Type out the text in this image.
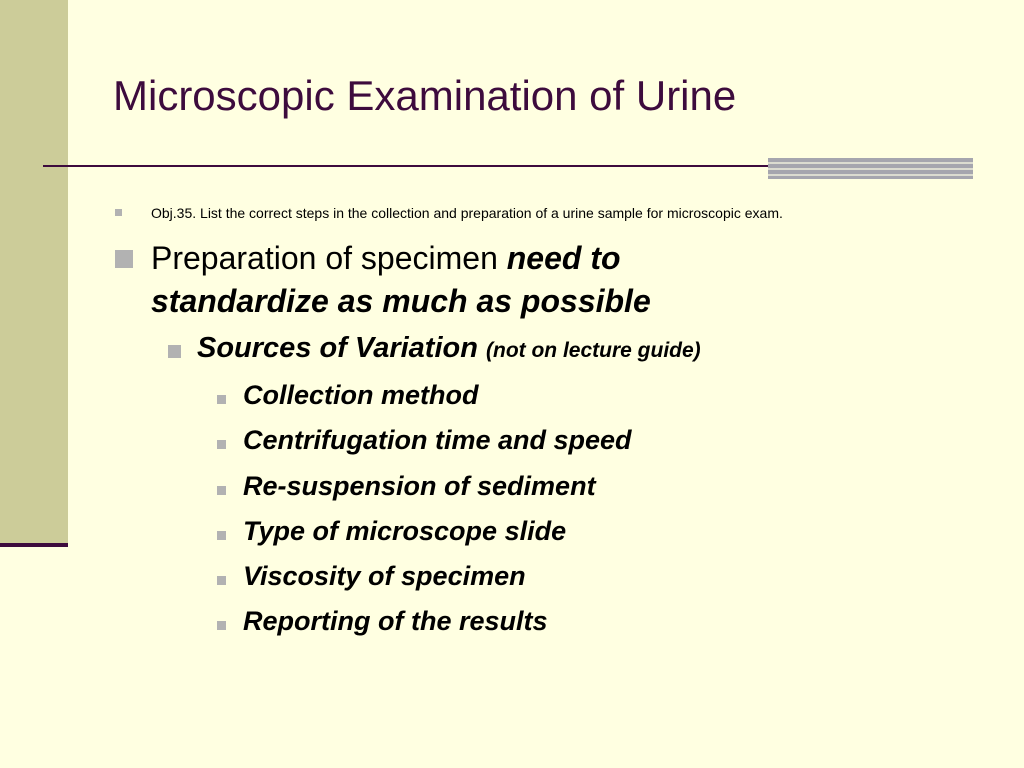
Microscopic Examination of Urine

Obj.35. List the correct steps in the collection and preparation of a urine sample for microscopic exam.

Preparation of specimen need to
standardize as much as possible
Sources of Variation (not on lecture guide)
Collection method
Centrifugation time and speed
Re-suspension of sediment
Type of microscope slide
Viscosity of specimen
Reporting of the results
